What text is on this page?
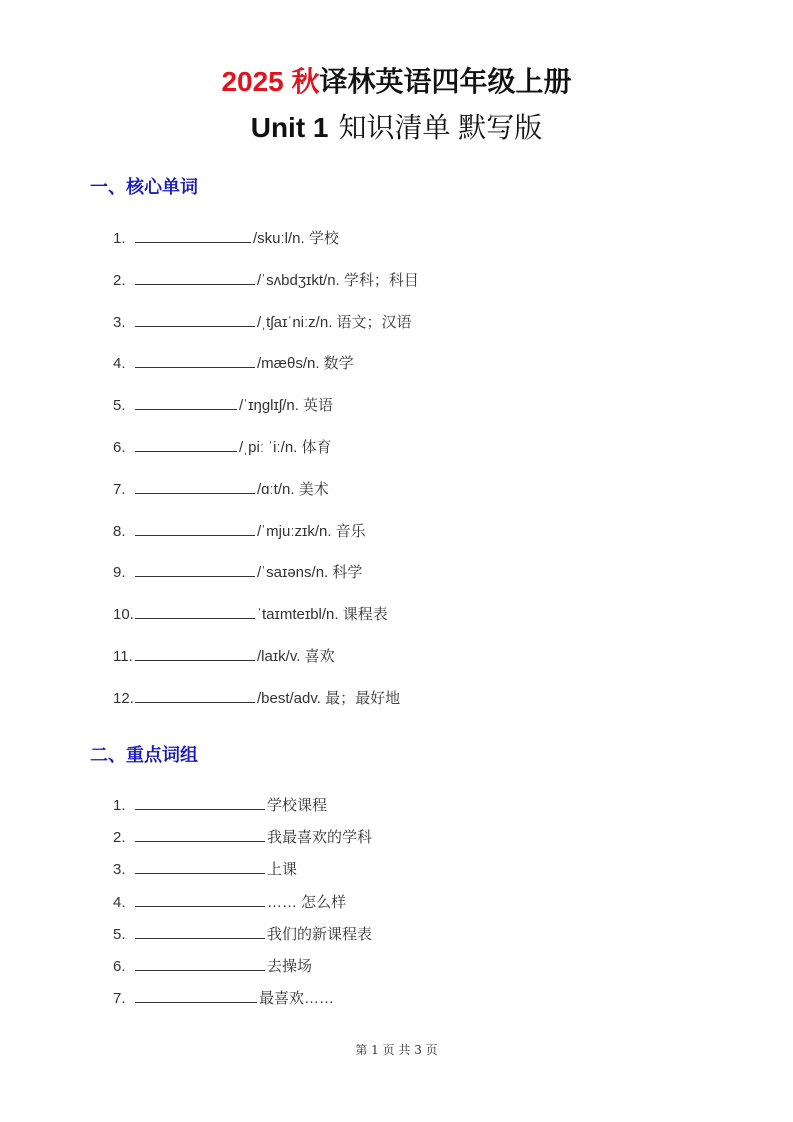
2025 秋译林英语四年级上册
Unit 1 知识清单 默写版
一、核心单词
1.	/skuːl/n. 学校
2.	/ˈsʌbdʒɪkt/n. 学科；科目
3.	/ˌtʃaɪˈniːz/n. 语文；汉语
4.	/mæθs/n. 数学
5.	/ˈɪŋglɪʃ/n. 英语
6.	/ˌpiː ˈiː/n. 体育
7.	/ɑːt/n. 美术
8.	/ˈmjuːzɪk/n. 音乐
9.	/ˈsaɪəns/n. 科学
10.	ˈtaɪmteɪbl/n. 课程表
11.	/laɪk/v. 喜欢
12.	/best/adv. 最；最好地
二、重点词组
1.	学校课程
2.	我最喜欢的学科
3.	上课
4.	…… 怎么样
5.	我们的新课程表
6.	去操场
7.	最喜欢……
第 1 页 共 3 页
